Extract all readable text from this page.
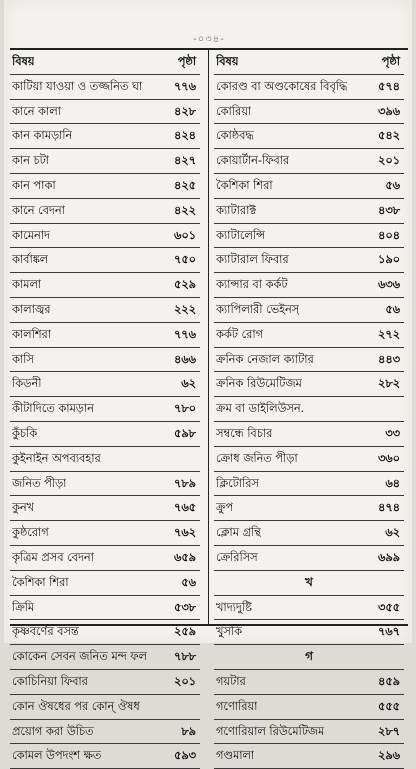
-০৩৪-
বিষয়	পৃষ্ঠা
কাটিয়া যাওয়া ও তজ্জনিত ঘা	৭৭৬
কানে কালা	৪২৮
কান কামড়ানি	৪২৪
কান চটা	৪২৭
কান পাকা	৪২৫
কানে বেদনা	৪২২
কামেনাদ	৬০১
কার্বাঙ্কল	৭৫০
কামলা	৫২৯
কালাজ্বর	২২২
কালশিরা	৭৭৬
কাসি	৪৬৬
কিডনী	৬২
কীটাদিতে কামড়ান	৭৮০
কুঁচকি	৫৯৮
কুইনাইন অপব্যবহার
জনিত পীড়া	৭৮৯
কুনখ	৭৬৫
কুষ্ঠরোগ	৭৬২
কৃত্রিম প্রসব বেদনা	৬৫৯
কৈশিকা শিরা	৫৬
ক্রিমি	৫৩৮
কৃষ্ণবর্ণের বসন্ত	২৫৯
কোকেন সেবন জনিত মন্দ ফল ৭৮৮
কোচিনিয়া ফিবার	২০১
কোন ঔষধের পর কোন্‌ ঔষধ
প্রয়োগ করা উচিত	৮৯
কোমল উপদংশ ক্ষত	৫৯৩
বিষয়	পৃষ্ঠা
কোরণ্ড বা অণ্ডকোষের বিবৃদ্ধি	৫৭৪
কোরিয়া	৩৯৬
কোষ্ঠবদ্ধ	৫৪২
কোয়ার্টান-ফিবার	২০১
কৈশিকা শিরা	৫৬
ক্যাটারাক্ট	৪৩৮
ক্যাটালেন্সি	৪০৪
ক্যাটারাল ফিবার	১৯০
ক্যান্সার বা কর্কট	৬৩৬
ক্যাপিলারী ভেইনস্‌	৫৬
কর্কট রোগ	২৭২
ক্রনিক নেজাল ক্যাটার	৪৪৩
ক্রনিক রিউমেটিজম	২৮২
ক্রম বা ডাইলিউসন.
সম্বন্ধে বিচার	৩৩
ক্রোধ জনিত পীড়া	৩৬০
ক্লিটোরিস	৬৪
ক্রুপ	৪৭৪
ক্লোম গ্রন্থি	৬২
ক্রেরিসিস	৬৯৯
খ
খাদ্যদুষ্টি	৩৫৫
খুসকি	৭৬৭
গ
গয়টার	৪৫৯
গণোরিয়া	৫৫৫
গণোরিয়াল রিউমেটিজম	২৮৭
গণ্ডমালা	২৯৬
